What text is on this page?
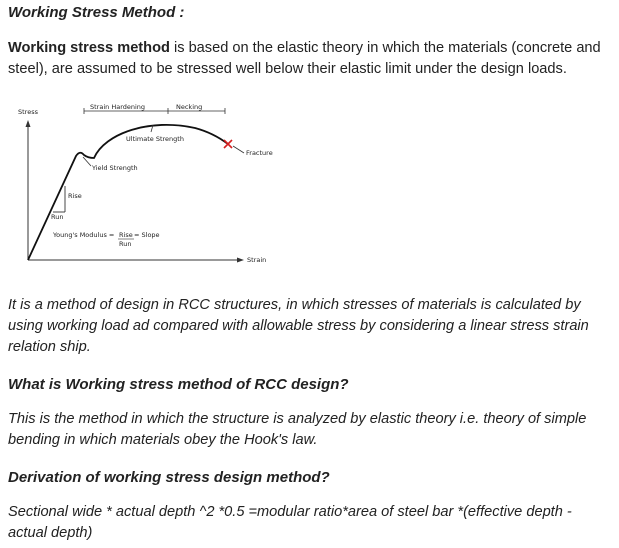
Working Stress Method :

Working stress method is based on the elastic theory in which the materials (concrete and steel), are assumed to be stressed well below their elastic limit under the design loads.

Stress
Strain
Strain Hardening	Necking
Ultimate Strength
Fracture
Yield Strength
Rise
Run
Young's Modulus = Rise
Run
= Slope

It is a method of design in RCC structures, in which stresses of materials is calculated by using working load ad compared with allowable stress by considering a linear stress strain relation ship.

What is Working stress method of RCC design?

This is the method in which the structure is analyzed by elastic theory i.e. theory of simple bending in which materials obey the Hook's law.

Derivation of working stress design method?

Sectional wide * actual depth ^2 *0.5 =modular ratio*area of steel bar *(effective depth - actual depth)
